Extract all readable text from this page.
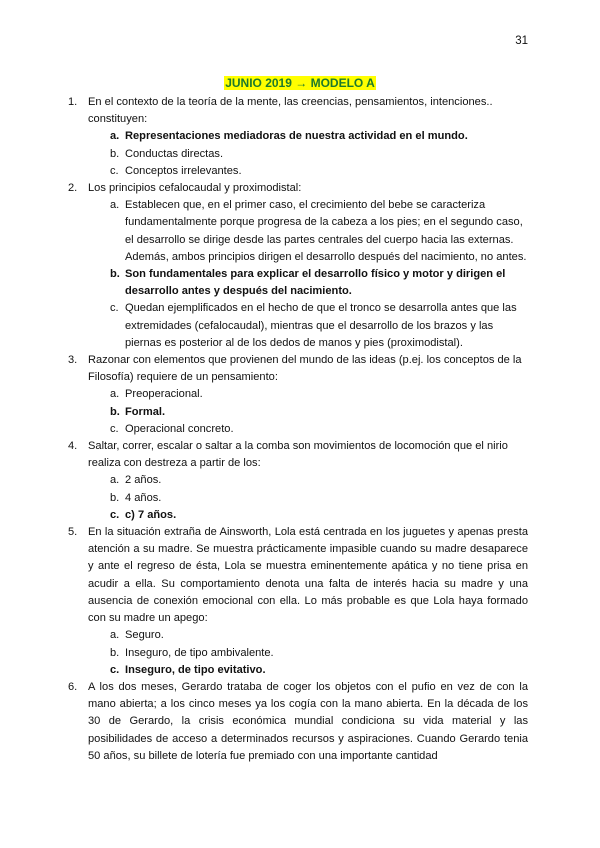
31
JUNIO 2019 → MODELO A
1. En el contexto de la teoría de la mente, las creencias, pensamientos, intenciones.. constituyen:
a. Representaciones mediadoras de nuestra actividad en el mundo.
b. Conductas directas.
c. Conceptos irrelevantes.
2. Los principios cefalocaudal y proximodistal:
a. Establecen que, en el primer caso, el crecimiento del bebe se caracteriza fundamentalmente porque progresa de la cabeza a los pies; en el segundo caso, el desarrollo se dirige desde las partes centrales del cuerpo hacia las externas. Además, ambos principios dirigen el desarrollo después del nacimiento, no antes.
b. Son fundamentales para explicar el desarrollo físico y motor y dirigen el desarrollo antes y después del nacimiento.
c. Quedan ejemplificados en el hecho de que el tronco se desarrolla antes que las extremidades (cefalocaudal), mientras que el desarrollo de los brazos y las piernas es posterior al de los dedos de manos y pies (proximodistal).
3. Razonar con elementos que provienen del mundo de las ideas (p.ej. los conceptos de la Filosofía) requiere de un pensamiento:
a. Preoperacional.
b. Formal.
c. Operacional concreto.
4. Saltar, correr, escalar o saltar a la comba son movimientos de locomoción que el nirio realiza con destreza a partir de los:
a. 2 años.
b. 4 años.
c. c) 7 años.
5. En la situación extraña de Ainsworth, Lola está centrada en los juguetes y apenas presta atención a su madre. Se muestra prácticamente impasible cuando su madre desaparece y ante el regreso de ésta, Lola se muestra eminentemente apática y no tiene prisa en acudir a ella. Su comportamiento denota una falta de interés hacia su madre y una ausencia de conexión emocional con ella. Lo más probable es que Lola haya formado con su madre un apego:
a. Seguro.
b. Inseguro, de tipo ambivalente.
c. Inseguro, de tipo evitativo.
6. A los dos meses, Gerardo trataba de coger los objetos con el pufio en vez de con la mano abierta; a los cinco meses ya los cogía con la mano abierta. En la década de los 30 de Gerardo, la crisis económica mundial condiciona su vida material y las posibilidades de acceso a determinados recursos y aspiraciones. Cuando Gerardo tenia 50 años, su billete de lotería fue premiado con una importante cantidad
